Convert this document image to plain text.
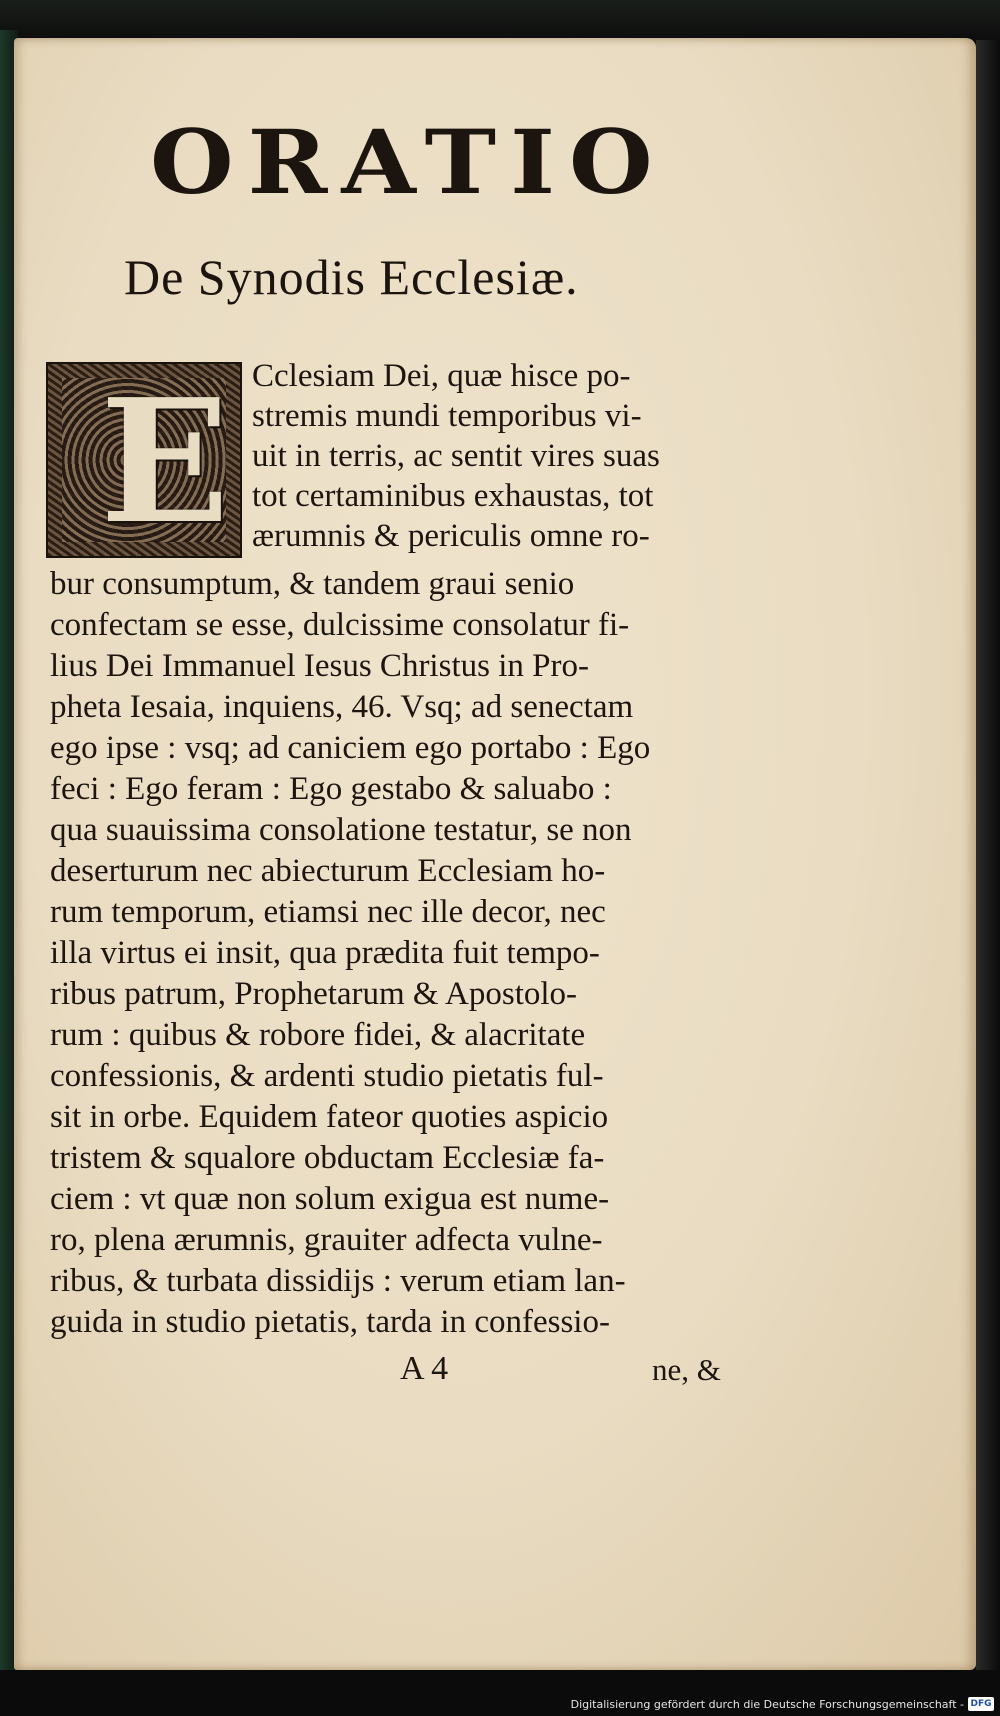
ORATIO
De Synodis Ecclesiæ.
E Cclesiam Dei, quæ hisce po-
stremis mundi temporibus vi-
uit in terris, ac sentit vires suas
tot certaminibus exhaustas, tot
ærumnis & periculis omne ro-
bur consumptum, & tandem graui senio
confectam se esse, dulcissime consolatur fi-
lius Dei Immanuel Iesus Christus in Pro-
pheta Iesaia, inquiens, 46. Vsq; ad senectam
ego ipse : vsq; ad caniciem ego portabo : Ego
feci : Ego feram : Ego gestabo & saluabo :
qua suauissima consolatione testatur, se non
deserturum nec abiecturum Ecclesiam ho-
rum temporum, etiamsi nec ille decor, nec
illa virtus ei insit, qua prædita fuit tempo-
ribus patrum, Prophetarum & Apostolo-
rum : quibus & robore fidei, & alacritate
confessionis, & ardenti studio pietatis ful-
sit in orbe. Equidem fateor quoties aspicio
tristem & squalore obductam Ecclesiæ fa-
ciem : vt quæ non solum exigua est nume-
ro, plena ærumnis, grauiter adfecta vulne-
ribus, & turbata dissidijs : verum etiam lan-
guida in studio pietatis, tarda in confessio-
A 4	ne, &
Digitalisierung gefördert durch die Deutsche Forschungsgemeinschaft - DFG
